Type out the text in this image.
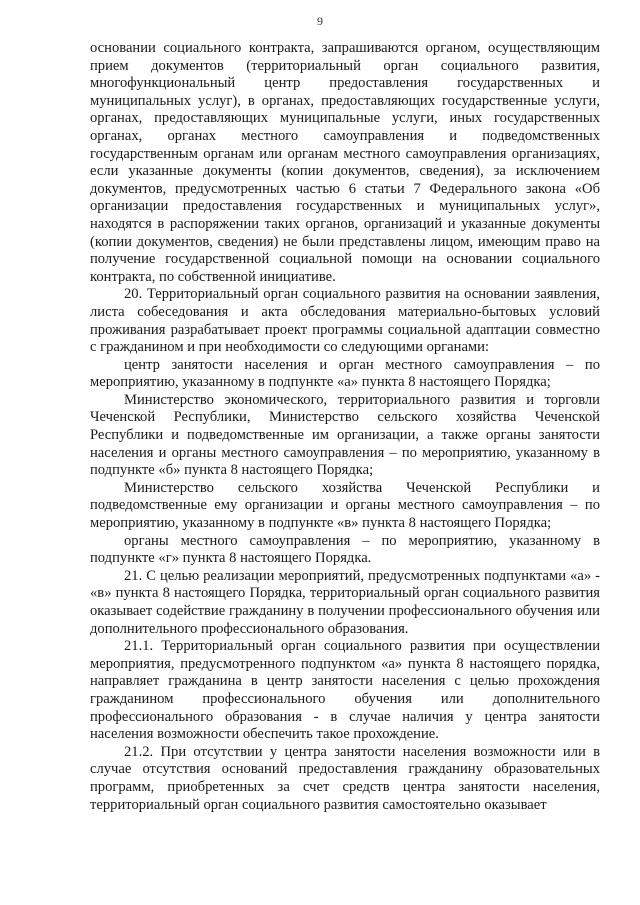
9

основании социального контракта, запрашиваются органом, осуществляющим прием документов (территориальный орган социального развития, многофункциональный центр предоставления государственных и муниципальных услуг), в органах, предоставляющих государственные услуги, органах, предоставляющих муниципальные услуги, иных государственных органах, органах местного самоуправления и подведомственных государственным органам или органам местного самоуправления организациях, если указанные документы (копии документов, сведения), за исключением документов, предусмотренных частью 6 статьи 7 Федерального закона «Об организации предоставления государственных и муниципальных услуг», находятся в распоряжении таких органов, организаций и указанные документы (копии документов, сведения) не были представлены лицом, имеющим право на получение государственной социальной помощи на основании социального контракта, по собственной инициативе.

20. Территориальный орган социального развития на основании заявления, листа собеседования и акта обследования материально-бытовых условий проживания разрабатывает проект программы социальной адаптации совместно с гражданином и при необходимости со следующими органами:

центр занятости населения и орган местного самоуправления – по мероприятию, указанному в подпункте «а» пункта 8 настоящего Порядка;

Министерство экономического, территориального развития и торговли Чеченской Республики, Министерство сельского хозяйства Чеченской Республики и подведомственные им организации, а также органы занятости населения и органы местного самоуправления – по мероприятию, указанному в подпункте «б» пункта 8 настоящего Порядка;

Министерство сельского хозяйства Чеченской Республики и подведомственные ему организации и органы местного самоуправления – по мероприятию, указанному в подпункте «в» пункта 8 настоящего Порядка;

органы местного самоуправления – по мероприятию, указанному в подпункте «г» пункта 8 настоящего Порядка.

21. С целью реализации мероприятий, предусмотренных подпунктами «а» - «в» пункта 8 настоящего Порядка, территориальный орган социального развития оказывает содействие гражданину в получении профессионального обучения или дополнительного профессионального образования.

21.1. Территориальный орган социального развития при осуществлении мероприятия, предусмотренного подпунктом «а» пункта 8 настоящего порядка, направляет гражданина в центр занятости населения с целью прохождения гражданином профессионального обучения или дополнительного профессионального образования - в случае наличия у центра занятости населения возможности обеспечить такое прохождение.

21.2. При отсутствии у центра занятости населения возможности или в случае отсутствия оснований предоставления гражданину образовательных программ, приобретенных за счет средств центра занятости населения, территориальный орган социального развития самостоятельно оказывает
